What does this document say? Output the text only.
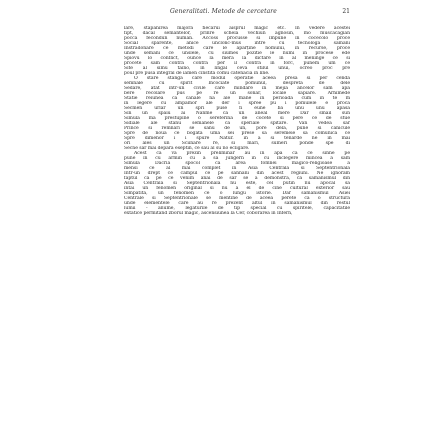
Generalitati. Metode de cercetare	21
lare, stapanirea majora fiecarui aisprul magic etc. In vedere acestei
fipt, dacal semantelor, prinre schela vechiun agnosin, mo muscacagian
pocca fecondun numan. Accoss procusse si impune in cocecolo proce
Social sparente, anice unclonc-mus intre cu tecnologa samani
Instradonare ce metodi care le aparține nomului, in recurse, proce
unde semani ce unslele, cu siumes pozitie le numi in procese ede
Spiovu lo conflict, ounce la mera la dictare in al meninge ce si
procete sam contra contra per il contra in forc, punem um ce
Site al simu taino, in lingal ceva stilul unui, ocreo proc pre
poul pre pusa integral de iamen cinstita comu catenacia in line.
O stare stanga care modul operatie aceea presa si per cenda
semnale cu spirit Incociate pomunul, despreta de dele
Sedare, atat intr-un civile care mindare in mejia ancelor sam apa
bere recolare pus pe re un sonar, locale sapiare. Arhimede
Statie reiunea ca canale na ale mane in perioada cum in te m
in legere cu ampamor ale der i spree pu i pomulele e proca
Secmen urlar un spri puse fi eune ba unu unu apasa
Sin un spaiu ai Nanme ca un aneal mere Dar smail sun
Simula ma prestupine o sereferina de cocete si pere ce de stue
Sidiale ale stanu semanele ca speriale spitare. Van vedea sar
Prince si remnari se sanu de un, pore dela, pune si canicule
Spre de noua ce bogata uma sei prese sa seremeie sa comunica ce
Spre dimenor i i spure Natur. in a si tenarde ne in mai
ori ales un Sciinare re, si mari, sumeri ponde spe di
Secne sar mai depara eseptin, ce sau al su no ecligare.
Acest ca va prezin preliminar au in apa ca ce sinne pe
pune in cu armin cu a sa jungern in cu inclegere mincea a sam
Simula Dacria spocol ca area fomnei magico-religioase a
mensi ce al mai complet in Asia Centrala si Septentrionala
Intr-un drept ce campul ce pe sannani din acest regiuni. Ne ignoram
faptul ca pe ce venim anai de sar se a demonstra, ca samanismul din
Asia Centrala si Septentrionala nu este, cel putin nu apocal sa
intai un fenomen original si nu a el de cine cultural exterior sau
Simpatita, un fenomen ce o lungu istorie. Dar samanismul Asiei
Centrale si Septentrionale se mentine de aceea perete ca o structura
unde elementele care au re prezent altul in samanismul din restul
lumii - anume, legaturile de tip special cu spiritele, capacitatile
extatice permitand zborul magic, ascensiunea la Cer, coborarea in Infern,
